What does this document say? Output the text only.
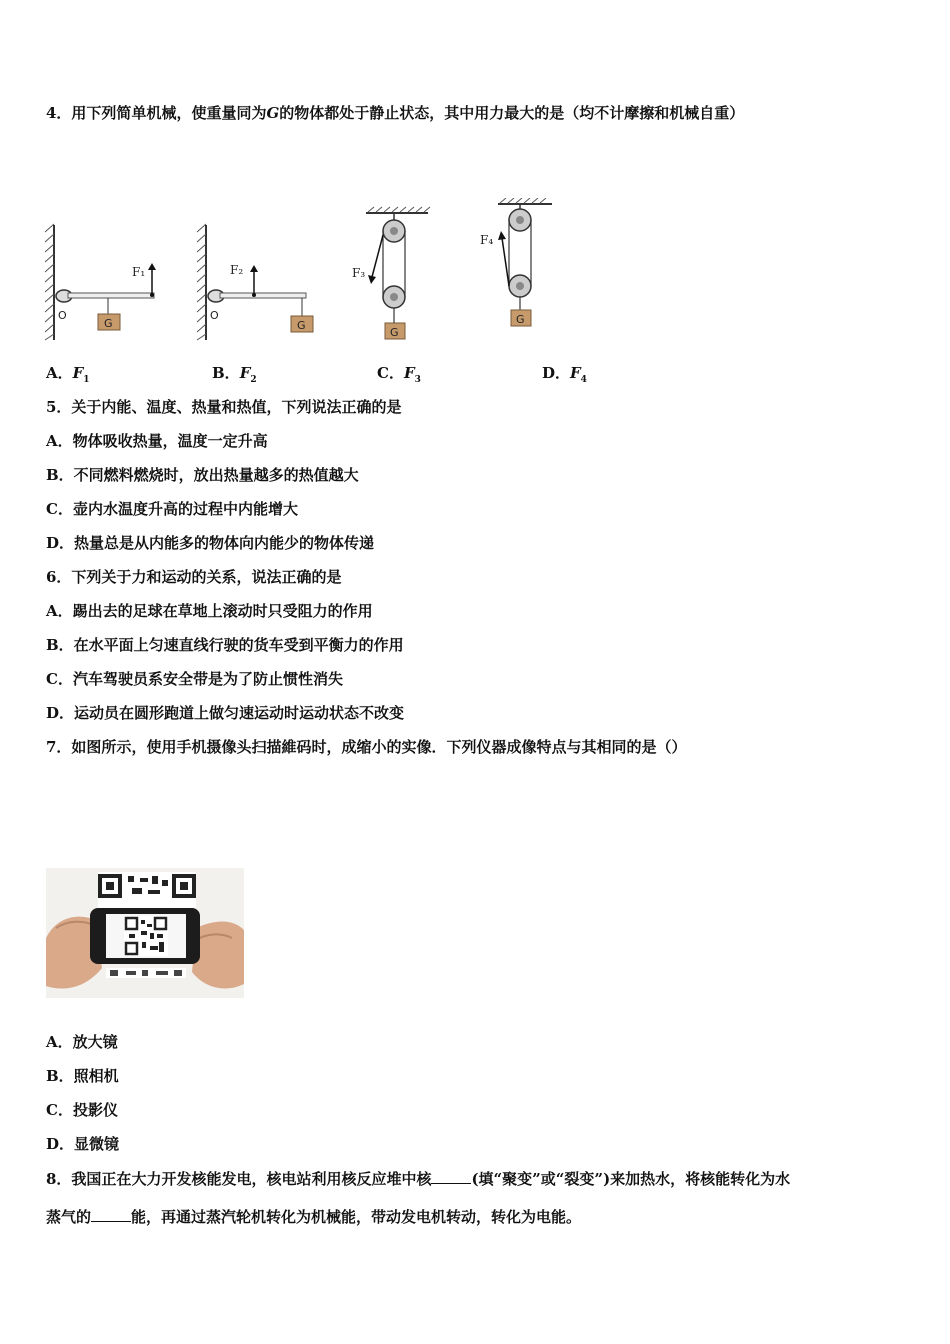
4．用下列简单机械，使重量同为G的物体都处于静止状态，其中用力最大的是（均不计摩擦和机械自重）
G
O
F₁
G
O
F₂	F₃
G
F₄
G
A．$F_1$	B．$F_2$	C．$F_3$	D．$F_4$
5．关于内能、温度、热量和热值，下列说法正确的是
A．物体吸收热量，温度一定升高
B．不同燃料燃烧时，放出热量越多的热值越大
C．壶内水温度升高的过程中内能增大
D．热量总是从内能多的物体向内能少的物体传递
6．下列关于力和运动的关系，说法正确的是
A．踢出去的足球在草地上滚动时只受阻力的作用
B．在水平面上匀速直线行驶的货车受到平衡力的作用
C．汽车驾驶员系安全带是为了防止惯性消失
D．运动员在圆形跑道上做匀速运动时运动状态不改变
7．如图所示，使用手机摄像头扫描維码时，成缩小的实像．下列仪器成像特点与其相同的是（）
A．放大镜
B．照相机
C．投影仪
D．显微镜
8．我国正在大力开发核能发电，核电站利用核反应堆中核	(填“聚变”或“裂变”)来加热水，将核能转化为水
蒸气的	能，再通过蒸汽轮机转化为机械能，带动发电机转动，转化为电能。
